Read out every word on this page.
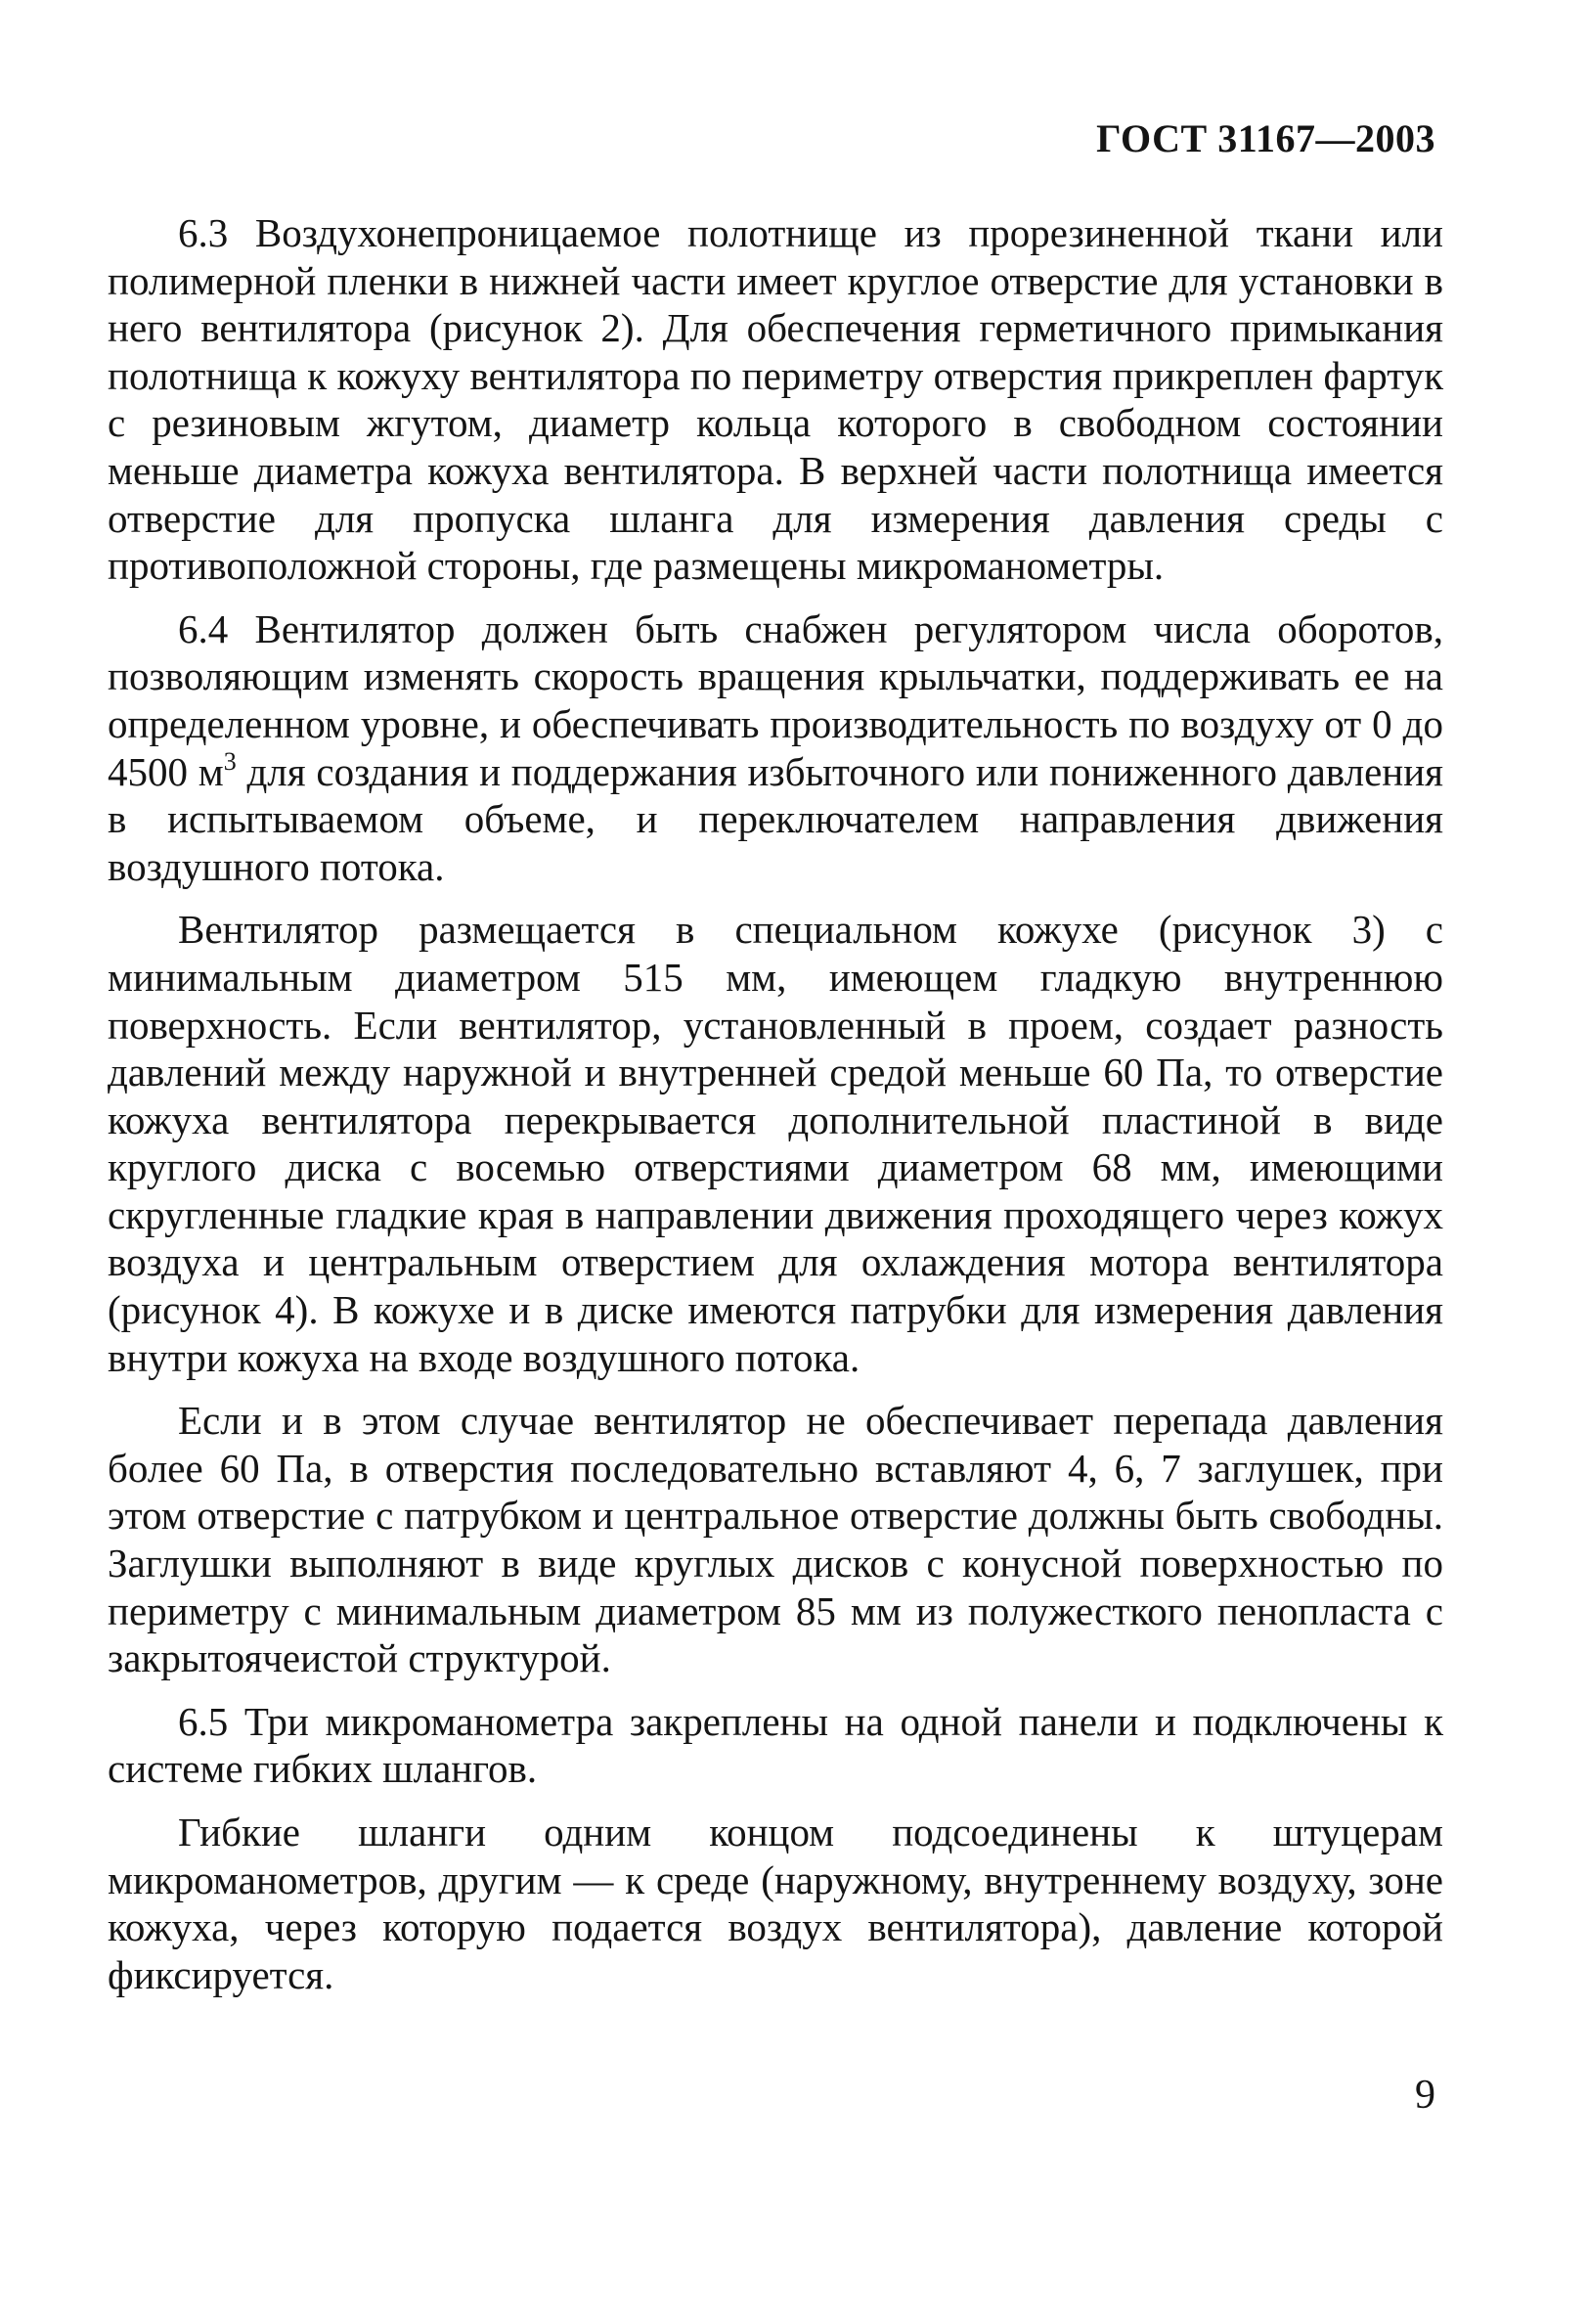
ГОСТ 31167—2003

6.3 Воздухонепроницаемое полотнище из прорезиненной ткани или полимерной пленки в нижней части имеет круглое отверстие для установки в него вентилятора (рисунок 2). Для обеспечения герметичного примыкания полотнища к кожуху вентилятора по периметру отверстия прикреплен фартук с резиновым жгутом, диаметр кольца которого в свободном состоянии меньше диаметра кожуха вентилятора. В верхней части полотнища имеется отверстие для пропуска шланга для измерения давления среды с противоположной стороны, где размещены микроманометры.

6.4 Вентилятор должен быть снабжен регулятором числа оборотов, позволяющим изменять скорость вращения крыльчатки, поддерживать ее на определенном уровне, и обеспечивать производительность по воздуху от 0 до 4500 $м^3$ для создания и поддержания избыточного или пониженного давления в испытываемом объеме, и переключателем направления движения воздушного потока.

Вентилятор размещается в специальном кожухе (рисунок 3) с минимальным диаметром 515 мм, имеющем гладкую внутреннюю поверхность. Если вентилятор, установленный в проем, создает разность давлений между наружной и внутренней средой меньше 60 Па, то отверстие кожуха вентилятора перекрывается дополнительной пластиной в виде круглого диска с восемью отверстиями диаметром 68 мм, имеющими скругленные гладкие края в направлении движения проходящего через кожух воздуха и центральным отверстием для охлаждения мотора вентилятора (рисунок 4). В кожухе и в диске имеются патрубки для измерения давления внутри кожуха на входе воздушного потока.

Если и в этом случае вентилятор не обеспечивает перепада давления более 60 Па, в отверстия последовательно вставляют 4, 6, 7 заглушек, при этом отверстие с патрубком и центральное отверстие должны быть свободны. Заглушки выполняют в виде круглых дисков с конусной поверхностью по периметру с минимальным диаметром 85 мм из полужесткого пенопласта с закрытоячеистой структурой.

6.5 Три микроманометра закреплены на одной панели и подключены к системе гибких шлангов.

Гибкие шланги одним концом подсоединены к штуцерам микроманометров, другим — к среде (наружному, внутреннему воздуху, зоне кожуха, через которую подается воздух вентилятора), давление которой фиксируется.

9
